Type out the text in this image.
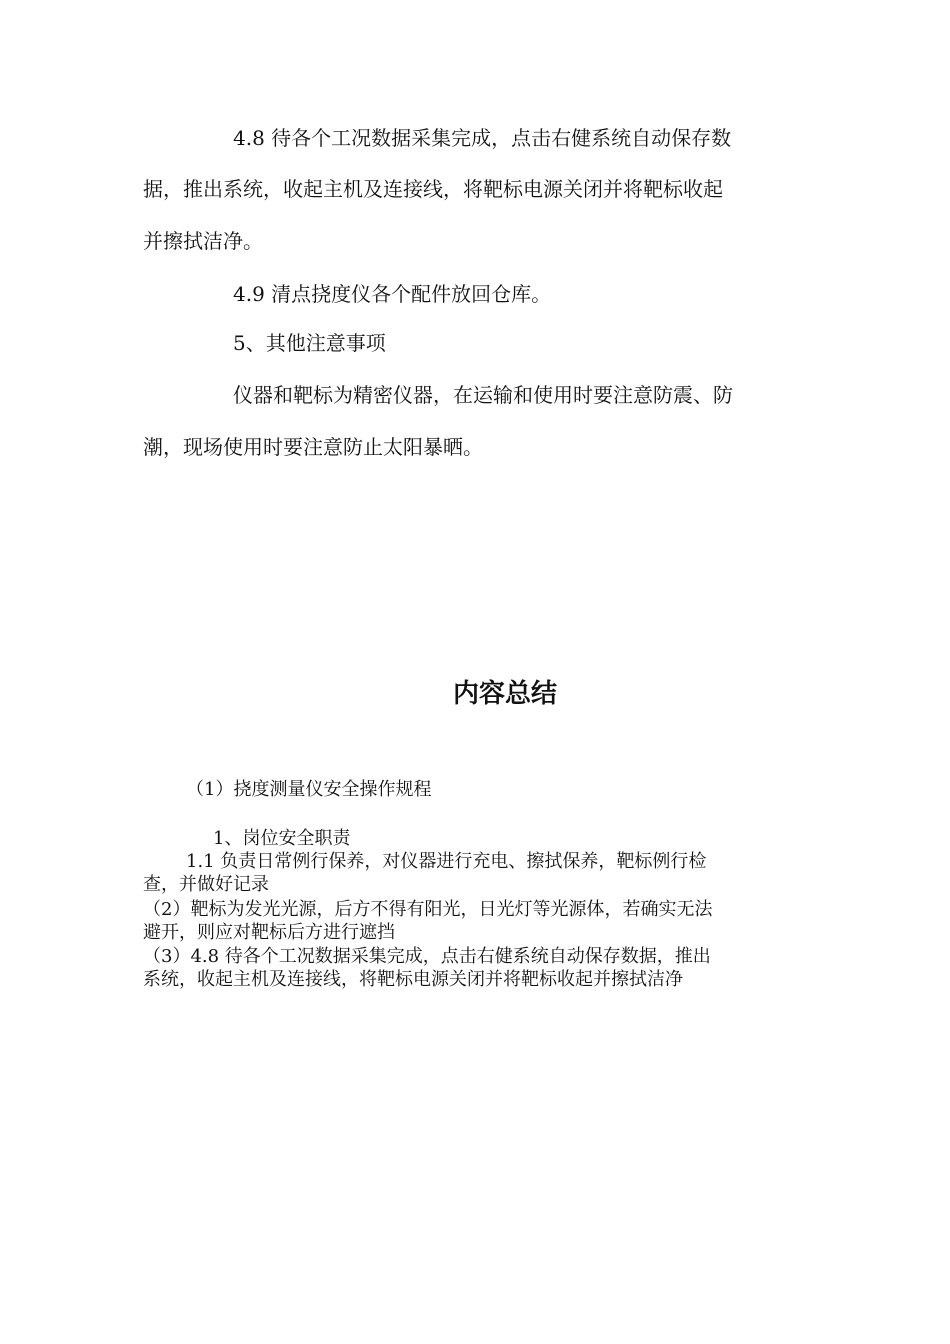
4.8 待各个工况数据采集完成，点击右健系统自动保存数

据，推出系统，收起主机及连接线，将靶标电源关闭并将靶标收起

并擦拭洁净。

4.9 清点挠度仪各个配件放回仓库。

5、其他注意事项

仪器和靶标为精密仪器，在运输和使用时要注意防震、防

潮，现场使用时要注意防止太阳暴晒。

内容总结

（1）挠度测量仪安全操作规程

1、岗位安全职责

1.1 负责日常例行保养，对仪器进行充电、擦拭保养，靶标例行检

查，并做好记录

（2）靶标为发光光源，后方不得有阳光，日光灯等光源体，若确实无法

避开，则应对靶标后方进行遮挡

（3）4.8 待各个工况数据采集完成，点击右健系统自动保存数据，推出

系统，收起主机及连接线，将靶标电源关闭并将靶标收起并擦拭洁净
